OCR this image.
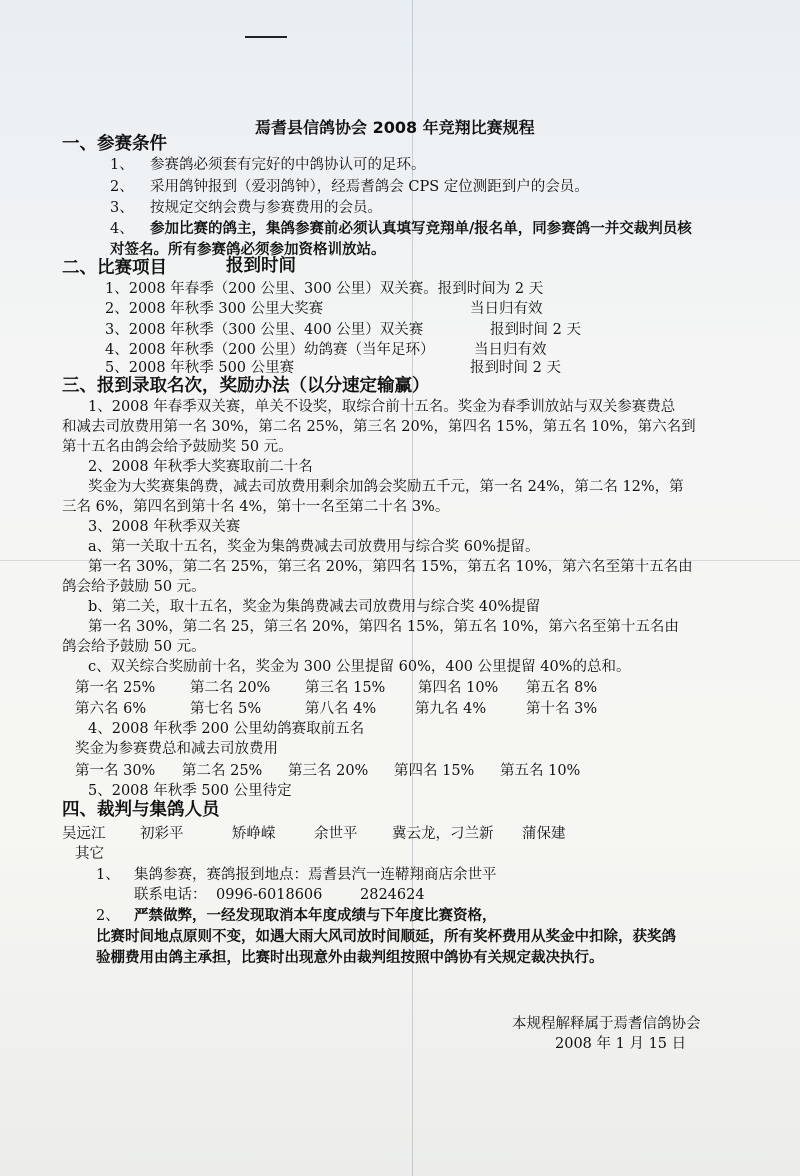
焉耆县信鸽协会 2008 年竞翔比赛规程
一、参赛条件
1、 参赛鸽必须套有完好的中鸽协认可的足环。
2、 采用鸽钟报到（爱羽鸽钟），经焉耆鸽会 CPS 定位测距到户的会员。
3、 按规定交纳会费与参赛费用的会员。
4、 参加比赛的鸽主，集鸽参赛前必须认真填写竞翔单/报名单，同参赛鸽一并交裁判员核
对签名。所有参赛鸽必须参加资格训放站。
二、比赛项目	报到时间
1、2008 年春季（200 公里、300 公里）双关赛。报到时间为 2 天
2、2008 年秋季 300 公里大奖赛	当日归有效
3、2008 年秋季（300 公里、400 公里）双关赛	报到时间 2 天
4、2008 年秋季（200 公里）幼鸽赛（当年足环）	当日归有效
5、2008 年秋季 500 公里赛	报到时间 2 天
三、报到录取名次，奖励办法（以分速定输赢）
1、2008 年春季双关赛，单关不设奖，取综合前十五名。奖金为春季训放站与双关参赛费总
和减去司放费用第一名 30%，第二名 25%，第三名 20%，第四名 15%，第五名 10%，第六名到
第十五名由鸽会给予鼓励奖 50 元。
2、2008 年秋季大奖赛取前二十名
奖金为大奖赛集鸽费，减去司放费用剩余加鸽会奖励五千元，第一名 24%，第二名 12%，第
三名 6%，第四名到第十名 4%，第十一名至第二十名 3%。
3、2008 年秋季双关赛
a、第一关取十五名，奖金为集鸽费减去司放费用与综合奖 60%提留。
第一名 30%，第二名 25%，第三名 20%，第四名 15%，第五名 10%，第六名至第十五名由
鸽会给予鼓励 50 元。
b、第二关，取十五名，奖金为集鸽费减去司放费用与综合奖 40%提留
第一名 30%，第二名 25，第三名 20%，第四名 15%，第五名 10%，第六名至第十五名由
鸽会给予鼓励 50 元。
c、双关综合奖励前十名，奖金为 300 公里提留 60%，400 公里提留 40%的总和。
第一名 25% 第二名 20% 第三名 15% 第四名 10% 第五名 8%
第六名 6%	第七名 5%	第八名 4%	第九名 4%	第十名 3%
4、2008 年秋季 200 公里幼鸽赛取前五名
奖金为参赛费总和减去司放费用
第一名 30% 第二名 25% 第三名 20% 第四名 15% 第五名 10%
5、2008 年秋季 500 公里待定
四、裁判与集鸽人员
吴远江 初彩平	矫峥嵘	余世平 冀云龙，刁兰新 蒲保建
其它
1、 集鸽参赛，赛鸽报到地点：焉耆县汽一连鞯翔商店余世平
联系电话： 0996-6018606	2824624
2、 严禁做弊，一经发现取消本年度成绩与下年度比赛资格，
比赛时间地点原则不变，如遇大雨大风司放时间顺延，所有奖杯费用从奖金中扣除，获奖鸽
验棚费用由鸽主承担，比赛时出现意外由裁判组按照中鸽协有关规定裁决执行。
本规程解释属于焉耆信鸽协会
2008 年 1 月 15 日
